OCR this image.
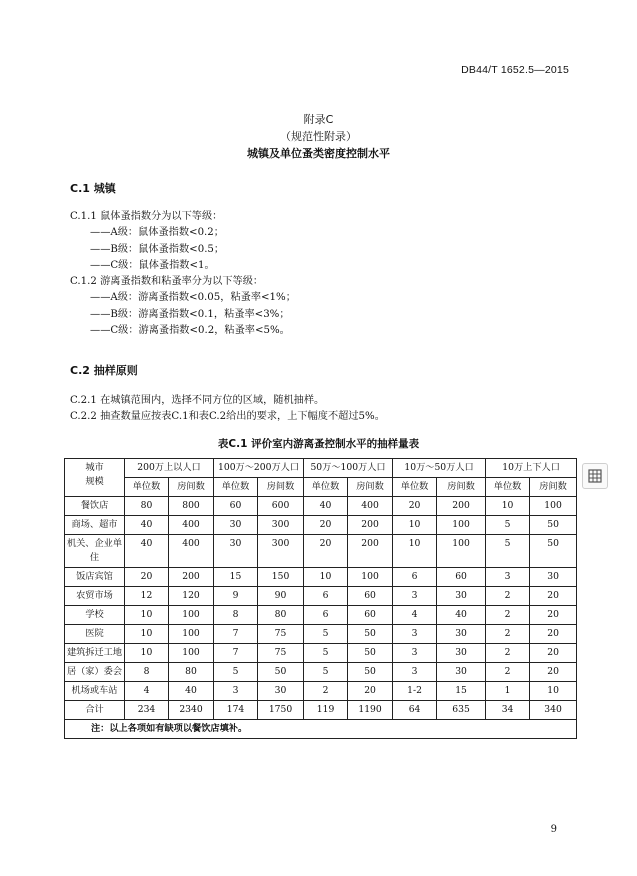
DB44/T 1652.5—2015
附录C
（规范性附录）
城镇及单位蚤类密度控制水平
C.1 城镇
C.1.1 鼠体蚤指数分为以下等级：
——A级：鼠体蚤指数<0.2；
——B级：鼠体蚤指数<0.5；
——C级：鼠体蚤指数<1。
C.1.2 游离蚤指数和粘蚤率分为以下等级：
——A级：游离蚤指数<0.05，粘蚤率<1%；
——B级：游离蚤指数<0.1，粘蚤率<3%；
——C级：游离蚤指数<0.2，粘蚤率<5%。
C.2 抽样原则
C.2.1 在城镇范围内，选择不同方位的区域，随机抽样。
C.2.2 抽查数量应按表C.1和表C.2给出的要求，上下幅度不超过5%。
表C.1 评价室内游离蚤控制水平的抽样量表
城市
规模	200万上以人口		100万～200万人口		50万～100万人口		10万～50万人口		10万上下人口	
	单位数	房间数	单位数	房间数	单位数	房间数	单位数	房间数	单位数	房间数
餐饮店	80	800	60	600	40	400	20	200	10	100
商场、超市	40	400	30	300	20	200	10	100	5	50
机关、企业单住	40	400	30	300	20	200	10	100	5	50
饭店宾馆	20	200	15	150	10	100	6	60	3	30
农贸市场	12	120	9	90	6	60	3	30	2	20
学校	10	100	8	80	6	60	4	40	2	20
医院	10	100	7	75	5	50	3	30	2	20
建筑拆迁工地	10	100	7	75	5	50	3	30	2	20
居（家）委会	8	80	5	50	5	50	3	30	2	20
机场或车站	4	40	3	30	2	20	1-2	15	1	10
合计	234	2340	174	1750	119	1190	64	635	34	340
注：以上各项如有缺项以餐饮店填补。										
9
